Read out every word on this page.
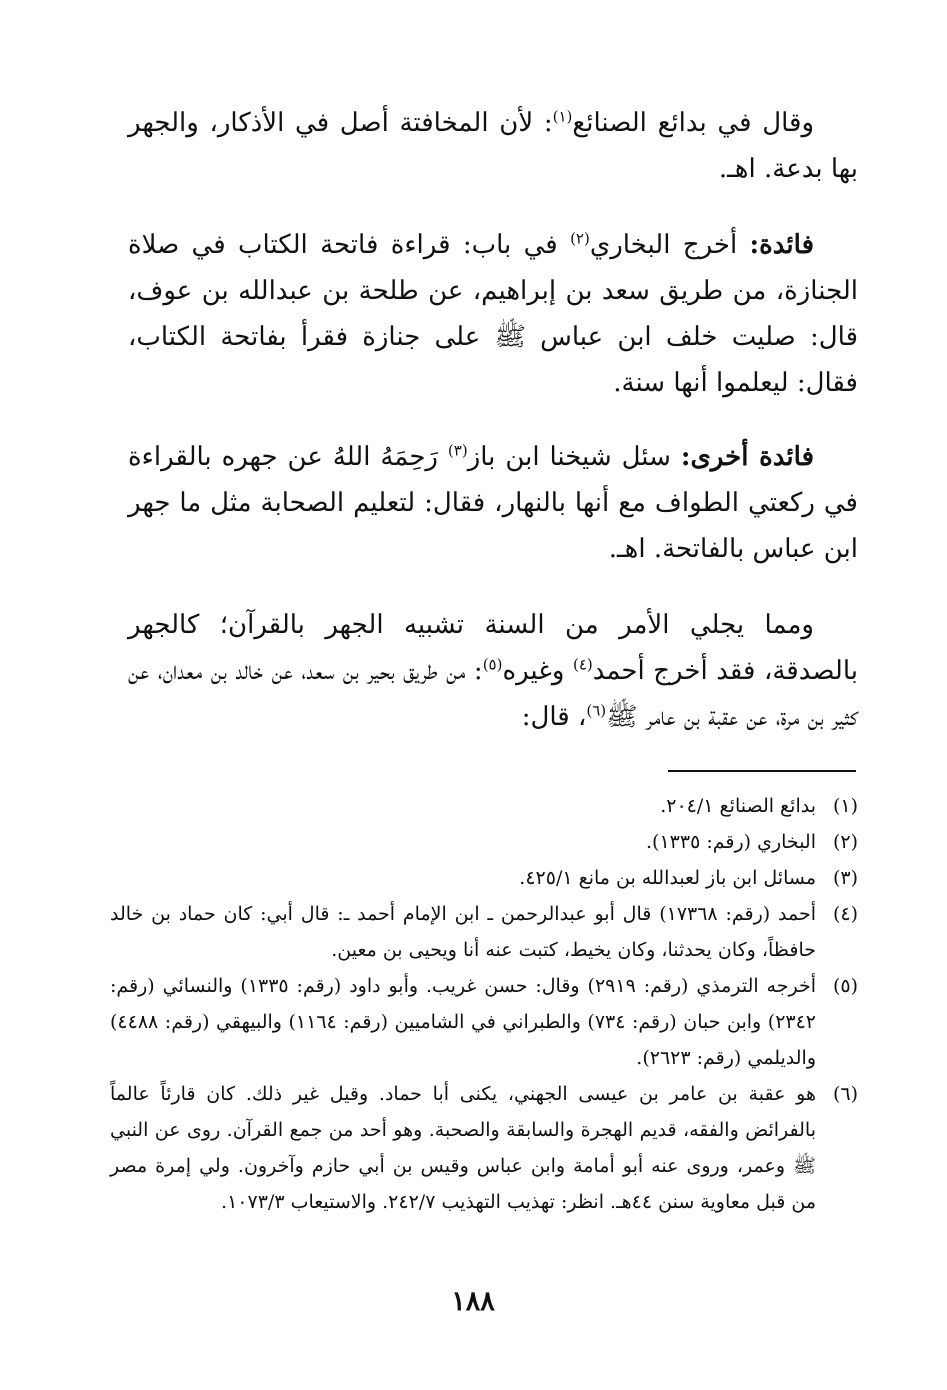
وقال في بدائع الصنائع$^{(١)}$: لأن المخافتة أصل في الأذكار، والجهر بها بدعة. اهـ.

فائدة: أخرج البخاري$^{(٢)}$ في باب: قراءة فاتحة الكتاب في صلاة الجنازة، من طريق سعد بن إبراهيم، عن طلحة بن عبدالله بن عوف، قال: صليت خلف ابن عباس ﷺ على جنازة فقرأ بفاتحة الكتاب، فقال: ليعلموا أنها سنة.

فائدة أخرى: سئل شيخنا ابن باز$^{(٣)}$ رَحِمَهُ اللهُ عن جهره بالقراءة في ركعتي الطواف مع أنها بالنهار، فقال: لتعليم الصحابة مثل ما جهر ابن عباس بالفاتحة. اهـ.

ومما يجلي الأمر من السنة تشبيه الجهر بالقرآن؛ كالجهر بالصدقة، فقد أخرج أحمد$^{(٤)}$ وغيره$^{(٥)}$: من طريق بحير بن سعد، عن خالد بن معدان، عن كثير بن مرة، عن عقبة بن عامر ﷺ$^{(٦)}$، قال:

(١)
بدائع الصنائع ٢٠٤/١.
(٢)
البخاري (رقم: ١٣٣٥).
(٣)
مسائل ابن باز لعبدالله بن مانع ٤٢٥/١.
(٤)
أحمد (رقم: ١٧٣٦٨) قال أبو عبدالرحمن ـ ابن الإمام أحمد ـ: قال أبي: كان حماد بن خالد حافظاً، وكان يحدثنا، وكان يخيط، كتبت عنه أنا ويحيى بن معين.
(٥)
أخرجه الترمذي (رقم: ٢٩١٩) وقال: حسن غريب. وأبو داود (رقم: ١٣٣٥) والنسائي (رقم: ٢٣٤٢) وابن حبان (رقم: ٧٣٤) والطبراني في الشاميين (رقم: ١١٦٤) والبيهقي (رقم: ٤٤٨٨) والديلمي (رقم: ٢٦٢٣).
(٦)
هو عقبة بن عامر بن عيسى الجهني، يكنى أبا حماد. وقيل غير ذلك. كان قارئاً عالماً بالفرائض والفقه، قديم الهجرة والسابقة والصحبة. وهو أحد من جمع القرآن. روى عن النبي ﷺ وعمر، وروى عنه أبو أمامة وابن عباس وقيس بن أبي حازم وآخرون. ولي إمرة مصر من قبل معاوية سنن ٤٤هـ. انظر: تهذيب التهذيب ٢٤٢/٧. والاستيعاب ١٠٧٣/٣.
١٨٨
